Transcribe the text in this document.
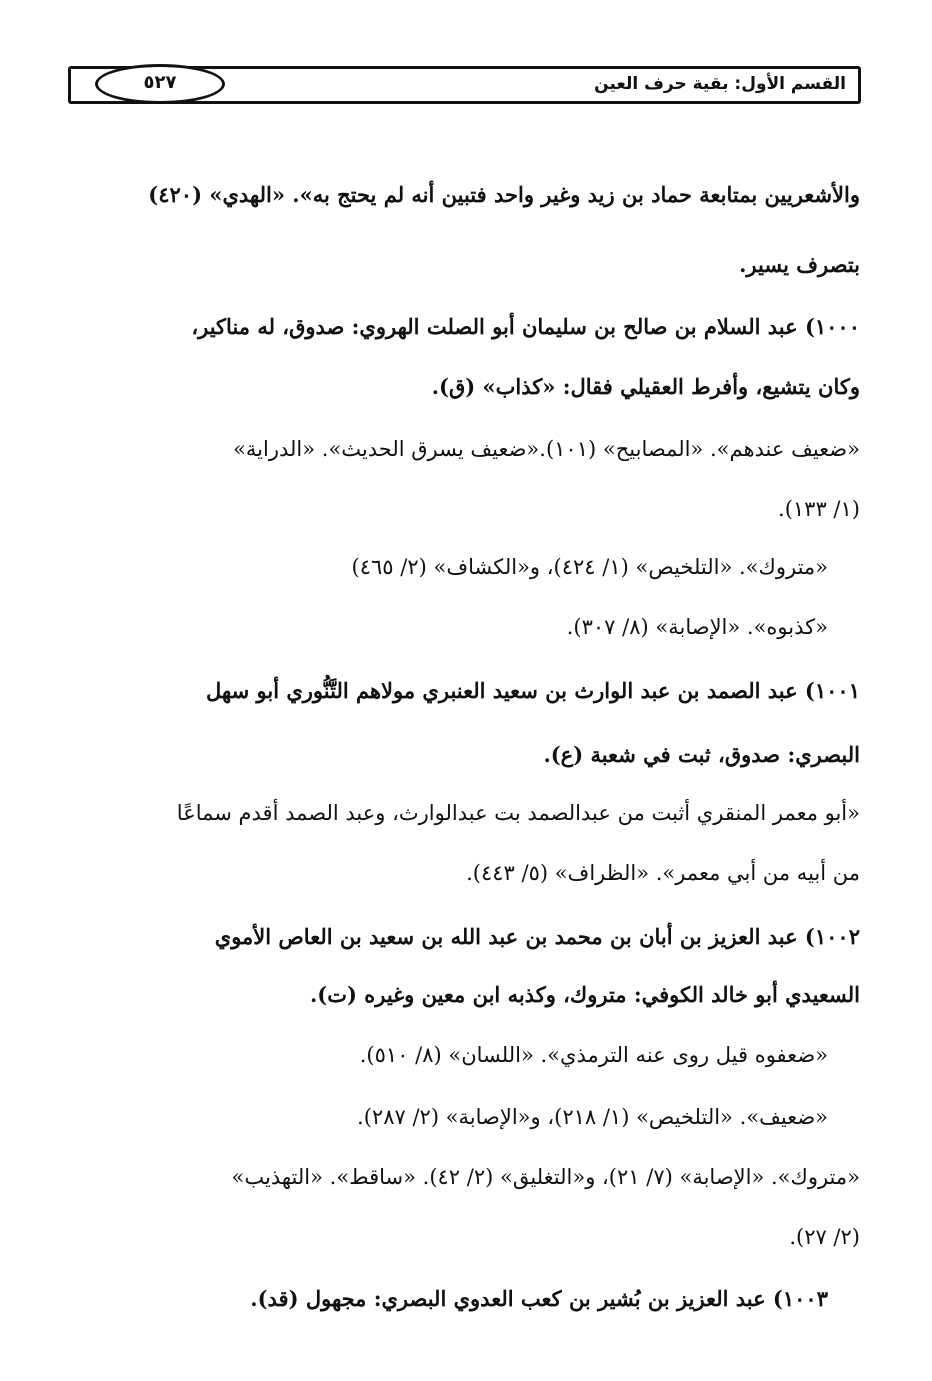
القسم الأول: بقية حرف العين
٥٢٧
والأشعريين بمتابعة حماد بن زيد وغير واحد فتبين أنه لم يحتج به». «الهدي» (٤٢٠)
بتصرف يسير.
١٠٠٠) عبد السلام بن صالح بن سليمان أبو الصلت الهروي: صدوق، له مناكير،
وكان يتشيع، وأفرط العقيلي فقال: «كذاب» (ق).
«ضعيف عندهم». «المصابيح» (١٠١).«ضعيف يسرق الحديث». «الدراية»
(١/ ١٣٣).
«متروك». «التلخيص» (١/ ٤٢٤)، و«الكشاف» (٢/ ٤٦٥)
«كذبوه». «الإصابة» (٨/ ٣٠٧).
١٠٠١) عبد الصمد بن عبد الوارث بن سعيد العنبري مولاهم التَّنُّوري أبو سهل
البصري: صدوق، ثبت في شعبة (ع).
«أبو معمر المنقري أثبت من عبدالصمد بت عبدالوارث، وعبد الصمد أقدم سماعًا
من أبيه من أبي معمر». «الظراف» (٥/ ٤٤٣).
١٠٠٢) عبد العزيز بن أبان بن محمد بن عبد الله بن سعيد بن العاص الأموي
السعيدي أبو خالد الكوفي: متروك، وكذبه ابن معين وغيره (ت).
«ضعفوه قيل روى عنه الترمذي». «اللسان» (٨/ ٥١٠).
«ضعيف». «التلخيص» (١/ ٢١٨)، و«الإصابة» (٢/ ٢٨٧).
«متروك». «الإصابة» (٧/ ٢١)، و«التغليق» (٢/ ٤٢). «ساقط». «التهذيب»
(٢/ ٢٧).
١٠٠٣) عبد العزيز بن بُشير بن كعب العدوي البصري: مجهول (قد).
